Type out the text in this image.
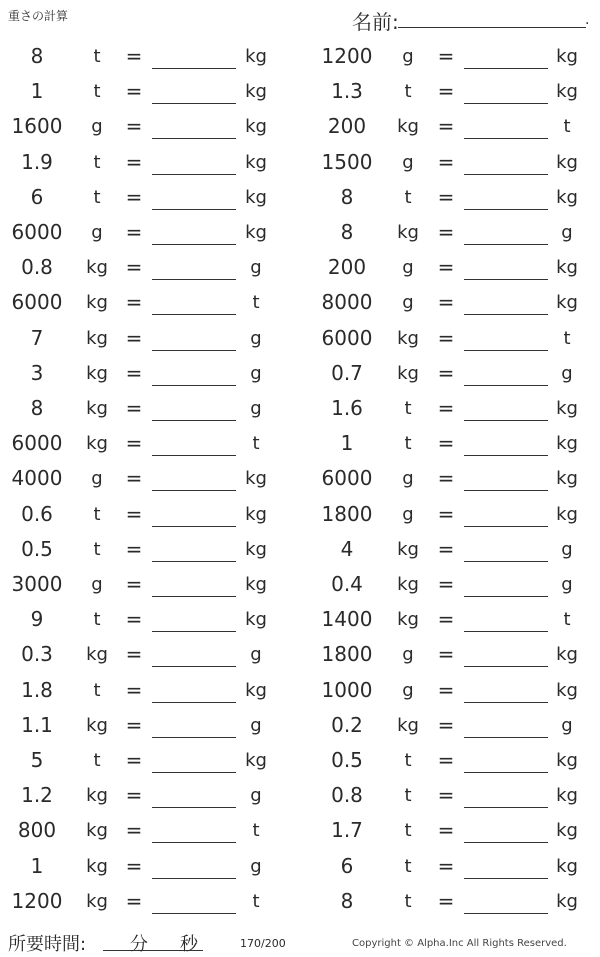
重さの計算	名前:	.
8	t	=	kg
1	t	=	kg
1600	g	=	kg
1.9	t	=	kg
6	t	=	kg
6000	g	=	kg
0.8	kg =	g
6000	kg =	t
7	kg =	g
3	kg =	g
8	kg =	g
6000	kg =	t
4000	g	=	kg
0.6	t	=	kg
0.5	t	=	kg
3000	g	=	kg
9	t	=	kg
0.3	kg =	g
1.8	t	=	kg
1.1	kg =	g
5	t	=	kg
1.2	kg =	g
800	kg =	t
1	kg =	g
1200	kg =	t
1200	g	=	kg
1.3	t	=	kg
200	kg =	t
1500	g	=	kg
8	t	=	kg
8	kg =	g
200	g	=	kg
8000	g	=	kg
6000	kg =	t
0.7	kg =	g
1.6	t	=	kg
1	t	=	kg
6000	g	=	kg
1800	g	=	kg
4	kg =	g
0.4	kg =	g
1400	kg =	t
1800	g	=	kg
1000	g	=	kg
0.2	kg =	g
0.5	t	=	kg
0.8	t	=	kg
1.7	t	=	kg
6	t	=	kg
8	t	=	kg
所要時間: 分 秒	170/200	Copyright © Alpha.Inc All Rights Reserved.
